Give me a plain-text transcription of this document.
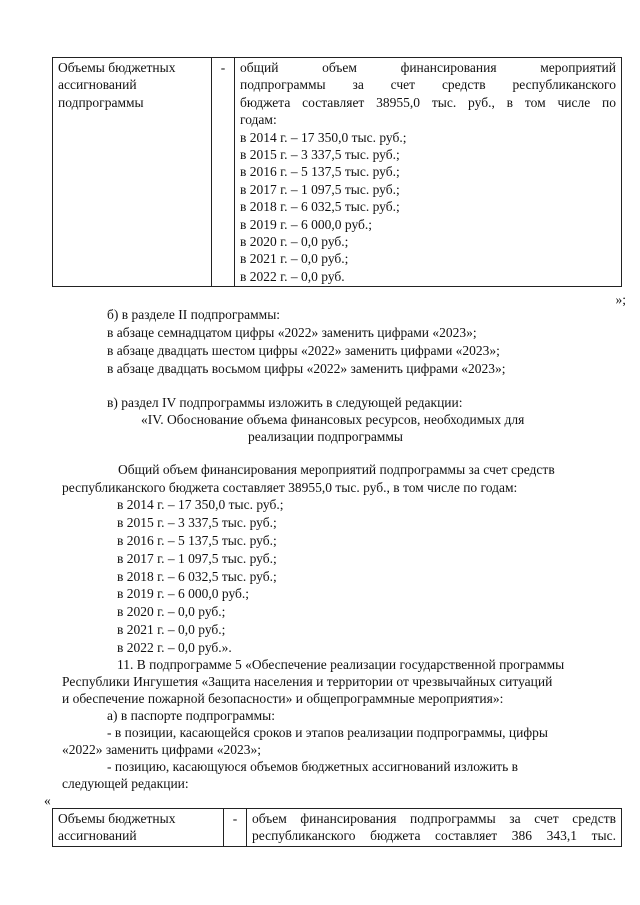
Объемы бюджетных ассигнований подпрограммы	-	общий объем финансирования мероприятий
подпрограммы за счет средств республиканского
бюджета составляет 38955,0 тыс. руб., в том числе по
годам:
в 2014 г. – 17 350,0 тыс. руб.;
в 2015 г. – 3 337,5 тыс. руб.;
в 2016 г. – 5 137,5 тыс. руб.;
в 2017 г. – 1 097,5 тыс. руб.;
в 2018 г. – 6 032,5 тыс. руб.;
в 2019 г. – 6 000,0 руб.;
в 2020 г. – 0,0 руб.;
в 2021 г. – 0,0 руб.;
в 2022 г. – 0,0 руб.
»;
б) в разделе II подпрограммы:
в абзаце семнадцатом цифры «2022» заменить цифрами «2023»;
в абзаце двадцать шестом цифры «2022» заменить цифрами «2023»;
в абзаце двадцать восьмом цифры «2022» заменить цифрами «2023»;
в) раздел IV подпрограммы изложить в следующей редакции:
«IV. Обоснование объема финансовых ресурсов, необходимых для
реализации подпрограммы
Общий объем финансирования мероприятий подпрограммы за счет средств
республиканского бюджета составляет 38955,0 тыс. руб., в том числе по годам:
в 2014 г. – 17 350,0 тыс. руб.;
в 2015 г. – 3 337,5 тыс. руб.;
в 2016 г. – 5 137,5 тыс. руб.;
в 2017 г. – 1 097,5 тыс. руб.;
в 2018 г. – 6 032,5 тыс. руб.;
в 2019 г. – 6 000,0 руб.;
в 2020 г. – 0,0 руб.;
в 2021 г. – 0,0 руб.;
в 2022 г. – 0,0 руб.».
11. В подпрограмме 5 «Обеспечение реализации государственной программы
Республики Ингушетия «Защита населения и территории от чрезвычайных ситуаций
и обеспечение пожарной безопасности» и общепрограммные мероприятия»:
а) в паспорте подпрограммы:
- в позиции, касающейся сроков и этапов реализации подпрограммы, цифры
«2022» заменить цифрами «2023»;
- позицию, касающуюся объемов бюджетных ассигнований изложить в
следующей редакции:
«
Объемы бюджетных ассигнований	-	объем финансирования подпрограммы за счет средств
республиканского бюджета составляет 386 343,1 тыс.
